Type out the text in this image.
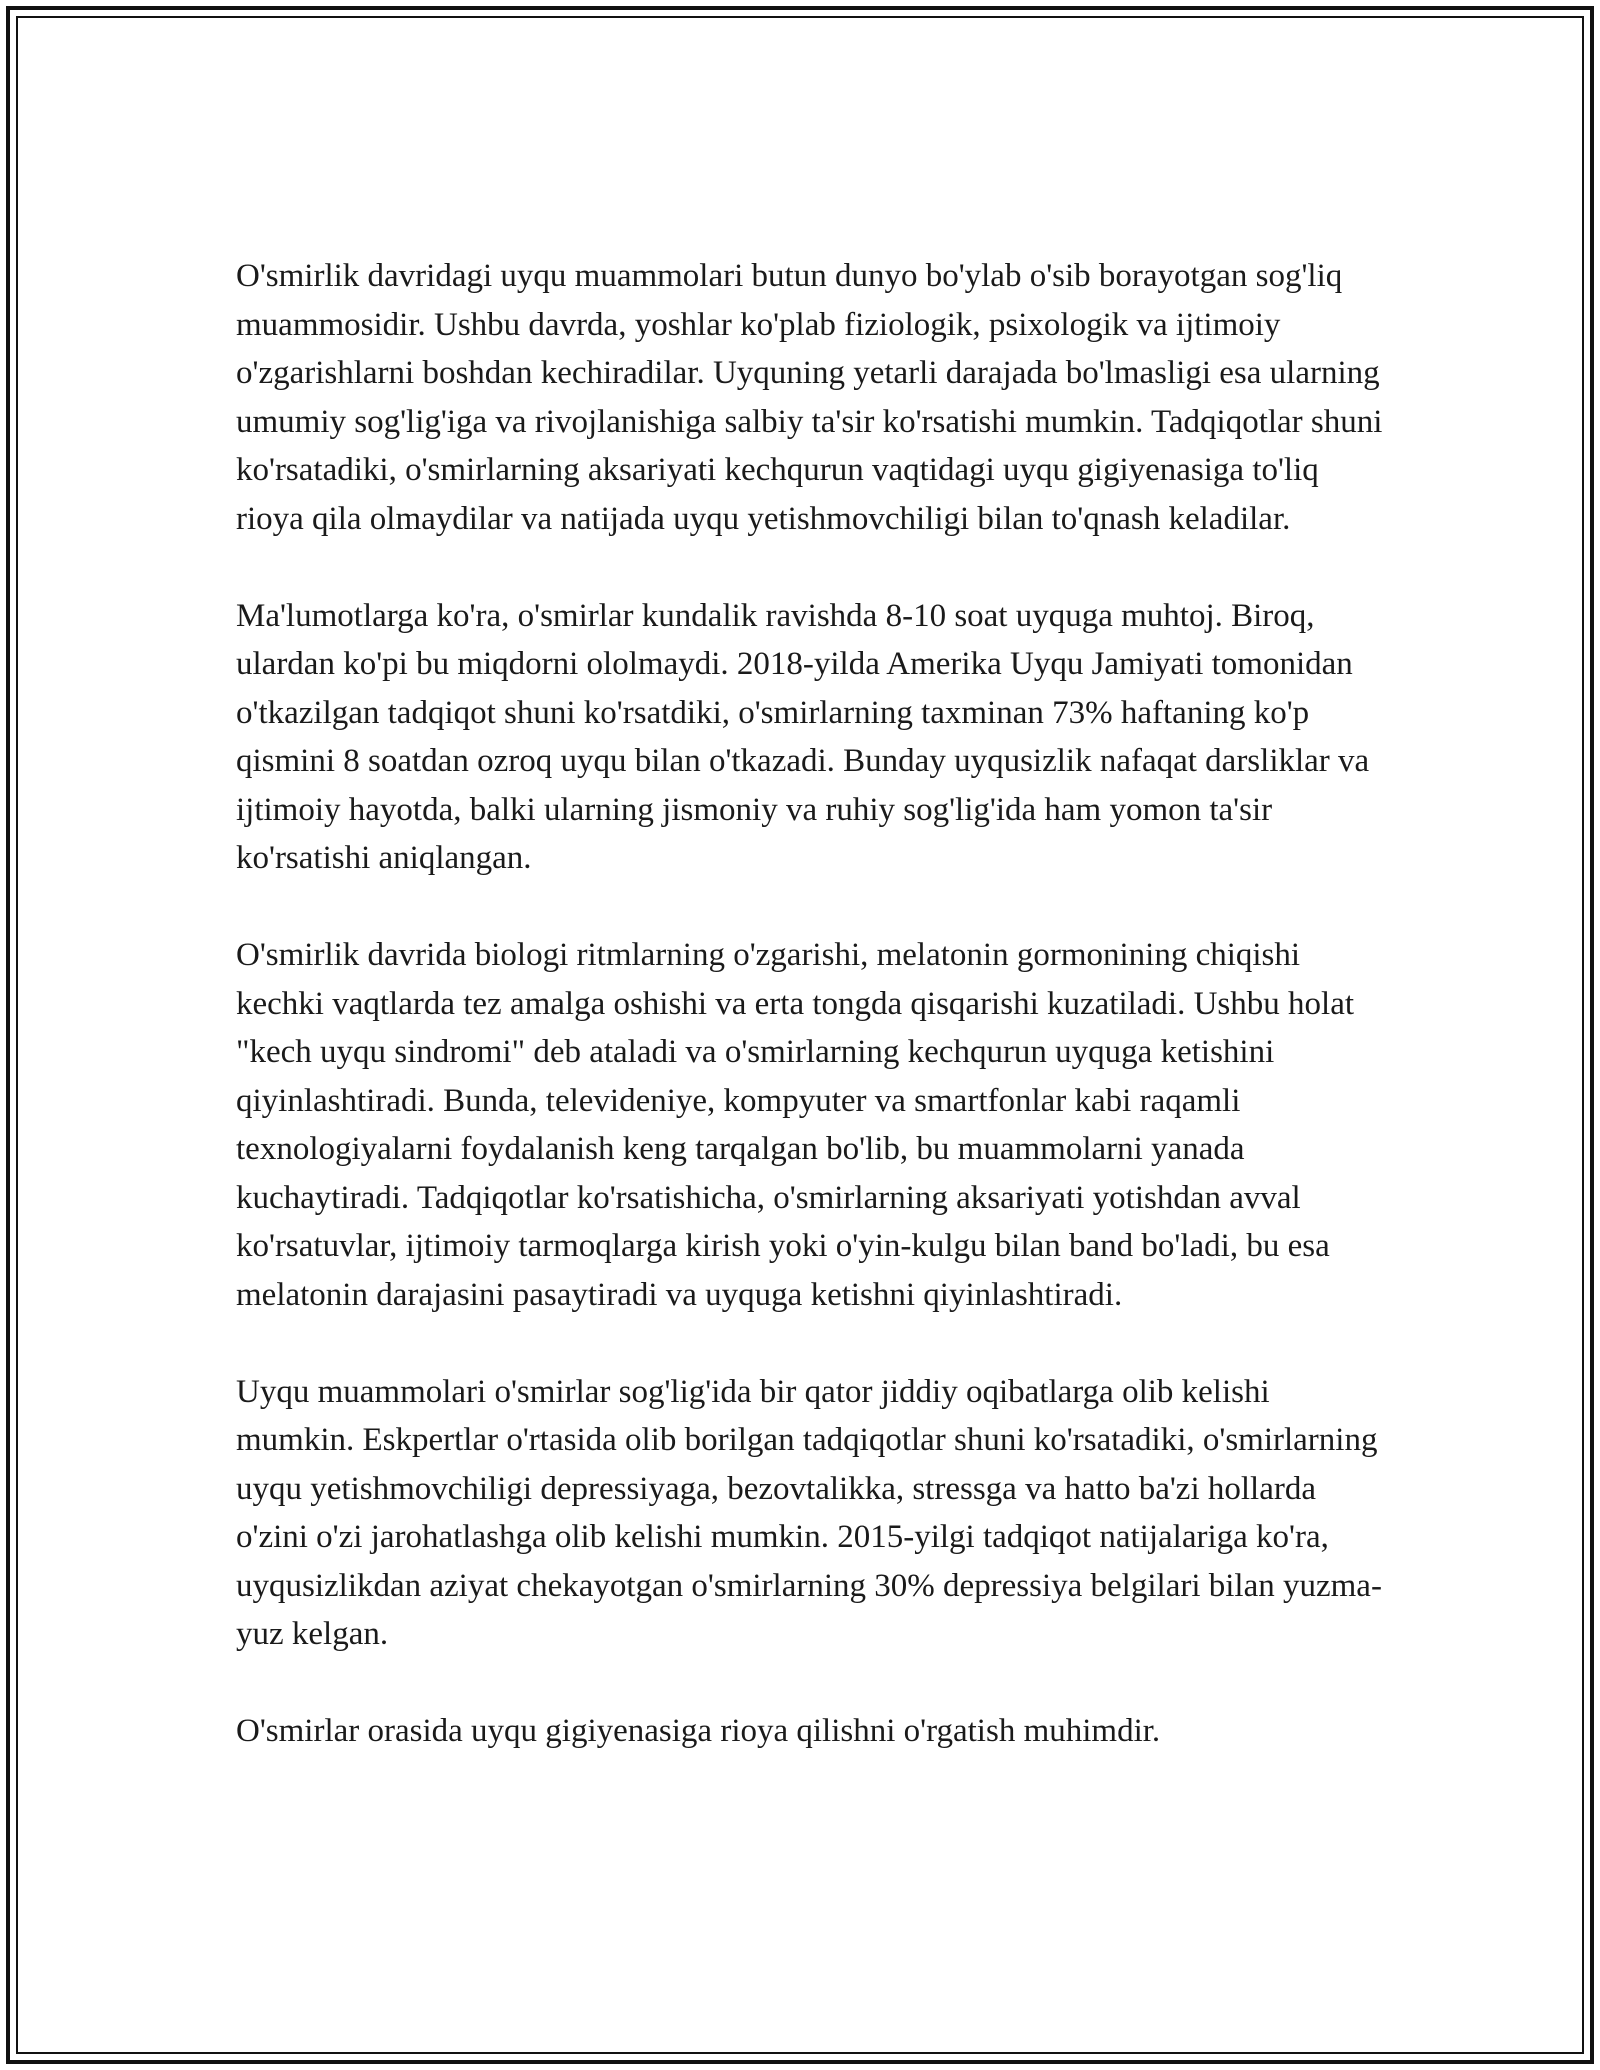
O'smirlik davridagi uyqu muammolari butun dunyo bo'ylab o'sib borayotgan sog'liq muammosidir. Ushbu davrda, yoshlar ko'plab fiziologik, psixologik va ijtimoiy o'zgarishlarni boshdan kechiradilar. Uyquning yetarli darajada bo'lmasligi esa ularning umumiy sog'lig'iga va rivojlanishiga salbiy ta'sir ko'rsatishi mumkin. Tadqiqotlar shuni ko'rsatadiki, o'smirlarning aksariyati kechqurun vaqtidagi uyqu gigiyenasiga to'liq rioya qila olmaydilar va natijada uyqu yetishmovchiligi bilan to'qnash keladilar.

Ma'lumotlarga ko'ra, o'smirlar kundalik ravishda 8-10 soat uyquga muhtoj. Biroq, ulardan ko'pi bu miqdorni ololmaydi. 2018-yilda Amerika Uyqu Jamiyati tomonidan o'tkazilgan tadqiqot shuni ko'rsatdiki, o'smirlarning taxminan 73% haftaning ko'p qismini 8 soatdan ozroq uyqu bilan o'tkazadi. Bunday uyqusizlik nafaqat darsliklar va ijtimoiy hayotda, balki ularning jismoniy va ruhiy sog'lig'ida ham yomon ta'sir ko'rsatishi aniqlangan.

O'smirlik davrida biologi ritmlarning o'zgarishi, melatonin gormonining chiqishi kechki vaqtlarda tez amalga oshishi va erta tongda qisqarishi kuzatiladi. Ushbu holat "kech uyqu sindromi" deb ataladi va o'smirlarning kechqurun uyquga ketishini qiyinlashtiradi. Bunda, televideniye, kompyuter va smartfonlar kabi raqamli texnologiyalarni foydalanish keng tarqalgan bo'lib, bu muammolarni yanada kuchaytiradi. Tadqiqotlar ko'rsatishicha, o'smirlarning aksariyati yotishdan avval ko'rsatuvlar, ijtimoiy tarmoqlarga kirish yoki o'yin-kulgu bilan band bo'ladi, bu esa melatonin darajasini pasaytiradi va uyquga ketishni qiyinlashtiradi.

Uyqu muammolari o'smirlar sog'lig'ida bir qator jiddiy oqibatlarga olib kelishi mumkin. Eskpertlar o'rtasida olib borilgan tadqiqotlar shuni ko'rsatadiki, o'smirlarning uyqu yetishmovchiligi depressiyaga, bezovtalikka, stressga va hatto ba'zi hollarda o'zini o'zi jarohatlashga olib kelishi mumkin. 2015-yilgi tadqiqot natijalariga ko'ra, uyqusizlikdan aziyat chekayotgan o'smirlarning 30% depressiya belgilari bilan yuzma-yuz kelgan.

O'smirlar orasida uyqu gigiyenasiga rioya qilishni o'rgatish muhimdir.
